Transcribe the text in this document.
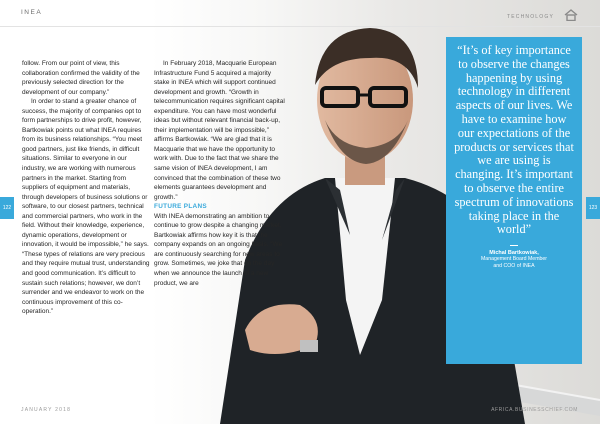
INEA
TECHNOLOGY
122	123

follow. From our point of view, this collaboration confirmed the validity of the previously selected direction for the development of our company.”

In order to stand a greater chance of success, the majority of companies opt to form partnerships to drive profit, however, Bartkowiak points out what INEA requires from its business relationships. “You meet good partners, just like friends, in difficult situations. Similar to everyone in our industry, we are working with numerous partners in the market. Starting from suppliers of equipment and materials, through developers of business solutions or software, to our closest partners, technical and commercial partners, who work in the field. Without their knowledge, experience, dynamic operations, development or innovation, it would be impossible,” he says. “These types of relations are very precious and they require mutual trust, understanding and good communication. It’s difficult to sustain such relations; however, we don’t surrender and we endeavor to work on the continuous improvement of this co-operation.”

In February 2018, Macquarie European Infrastructure Fund 5 acquired a majority stake in INEA which will support continued development and growth. “Growth in telecommunication requires significant capital expenditure. You can have most wonderful ideas but without relevant financial back-up, their implementation will be impossible,” affirms Bartkowiak. “We are glad that it is Macquarie that we have the opportunity to work with. Due to the fact that we share the same vision of INEA development, I am convinced that the combination of these two elements guarantees development and growth.”

FUTURE PLANS

With INEA demonstrating an ambition to continue to grow despite a changing market, Bartkowiak affirms how key it is that the company expands on an ongoing basis. “We are continuously searching for new areas to grow. Sometimes, we joke that on the day when we announce the launch of a new product, we are

“It’s of key importance to observe the changes happening by using technology in different aspects of our lives. We have to examine how our expectations of the products or services that we are using is changing. It’s important to observe the entire spectrum of innovations taking place in the world”
Michal Bartkowiak,
Management Board Member
and COO of INEA
JANUARY 2018	AFRICA.BUSINESSCHIEF.COM
